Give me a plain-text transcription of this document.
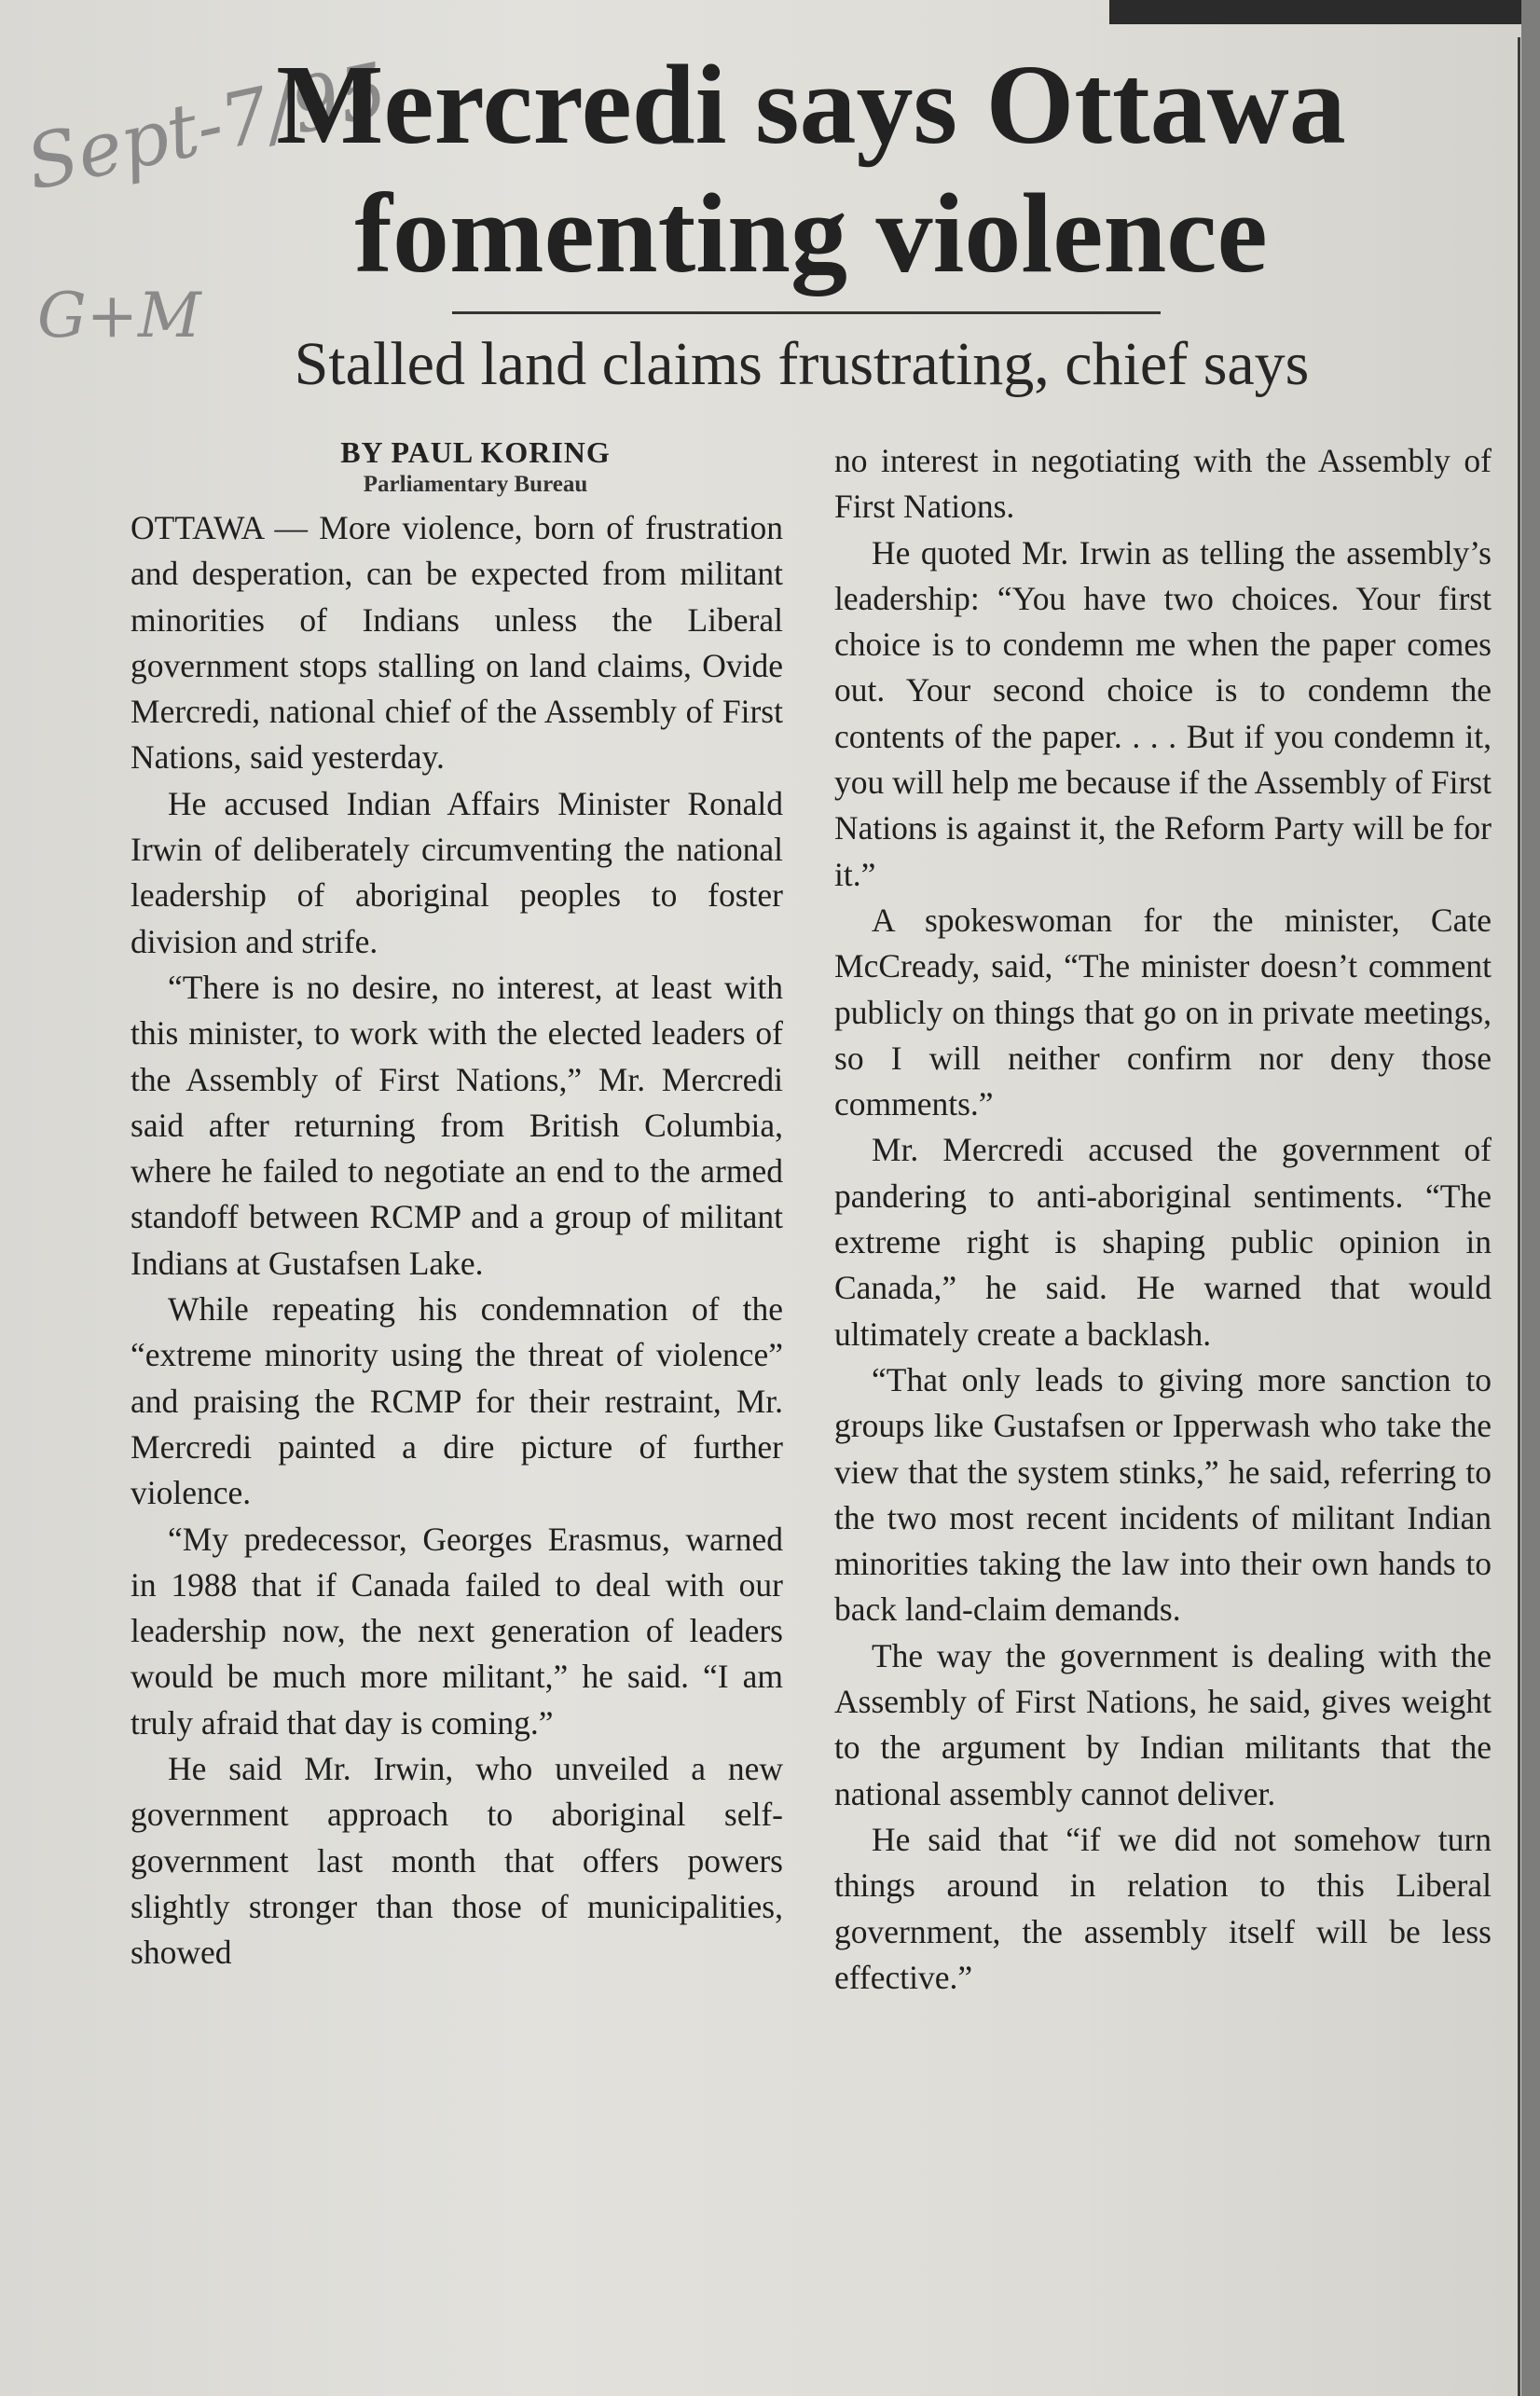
Sept-7/95
G+M
Mercredi says Ottawa
fomenting violence
Stalled land claims frustrating, chief says
BY PAUL KORING
Parliamentary Bureau

OTTAWA — More violence, born of frustration and desperation, can be expected from militant minorities of Indians unless the Liberal government stops stalling on land claims, Ovide Mercredi, national chief of the Assembly of First Nations, said yesterday.

He accused Indian Affairs Minister Ronald Irwin of deliberately circumventing the national leadership of aboriginal peoples to foster division and strife.

“There is no desire, no interest, at least with this minister, to work with the elected leaders of the Assembly of First Nations,” Mr. Mercredi said after returning from British Columbia, where he failed to negotiate an end to the armed standoff between RCMP and a group of militant Indians at Gustafsen Lake.

While repeating his condemnation of the “extreme minority using the threat of violence” and praising the RCMP for their restraint, Mr. Mercredi painted a dire picture of further violence.

“My predecessor, Georges Erasmus, warned in 1988 that if Canada failed to deal with our leadership now, the next generation of leaders would be much more militant,” he said. “I am truly afraid that day is coming.”

He said Mr. Irwin, who unveiled a new government approach to aboriginal self-government last month that offers powers slightly stronger than those of municipalities, showed

no interest in negotiating with the Assembly of First Nations.

He quoted Mr. Irwin as telling the assembly’s leadership: “You have two choices. Your first choice is to condemn me when the paper comes out. Your second choice is to condemn the contents of the paper. . . . But if you condemn it, you will help me because if the Assembly of First Nations is against it, the Reform Party will be for it.”

A spokeswoman for the minister, Cate McCready, said, “The minister doesn’t comment publicly on things that go on in private meetings, so I will neither confirm nor deny those comments.”

Mr. Mercredi accused the government of pandering to anti-aboriginal sentiments. “The extreme right is shaping public opinion in Canada,” he said. He warned that would ultimately create a backlash.

“That only leads to giving more sanction to groups like Gustafsen or Ipperwash who take the view that the system stinks,” he said, referring to the two most recent incidents of militant Indian minorities taking the law into their own hands to back land-claim demands.

The way the government is dealing with the Assembly of First Nations, he said, gives weight to the argument by Indian militants that the national assembly cannot deliver.

He said that “if we did not somehow turn things around in relation to this Liberal government, the assembly itself will be less effective.”
